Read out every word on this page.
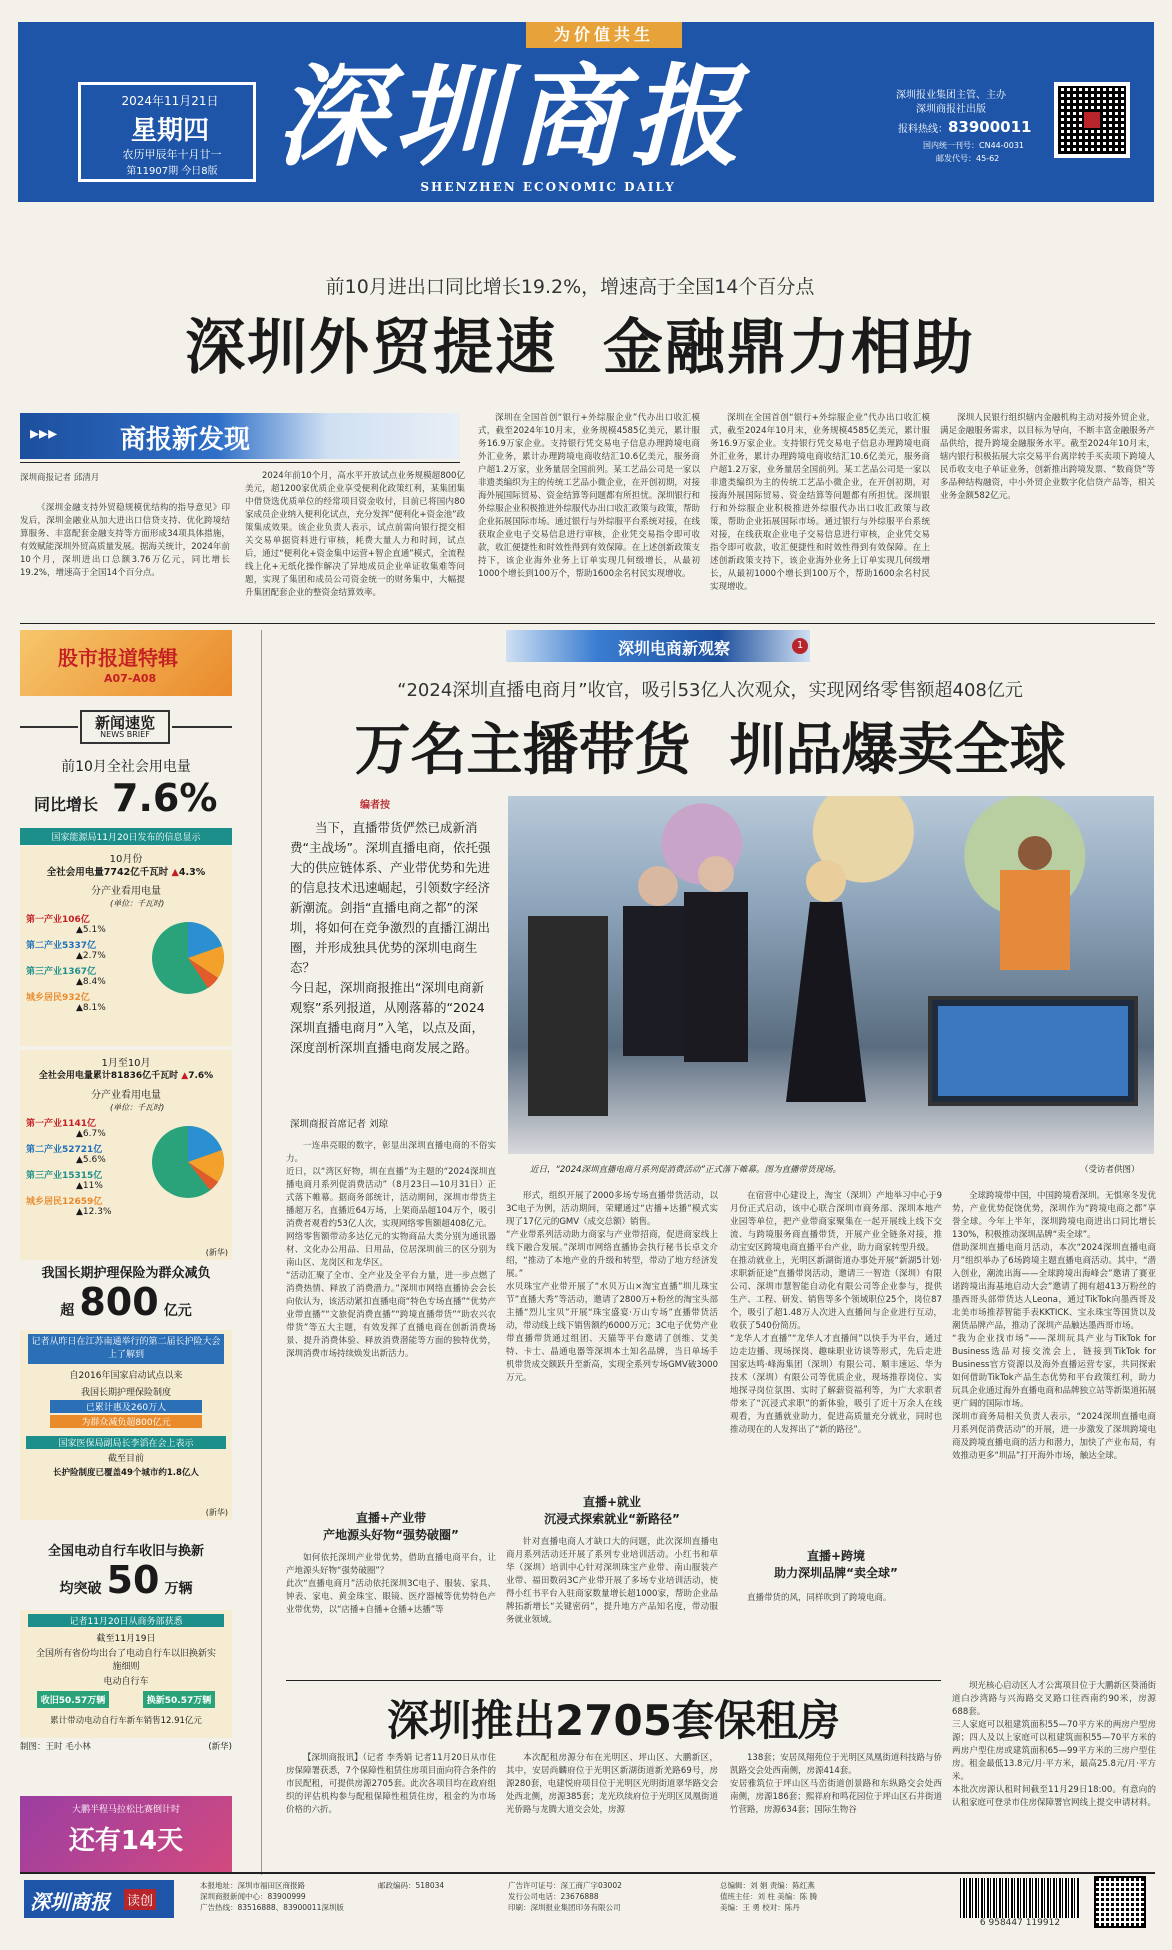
为价值共生
2024年11月21日
星期四
农历甲辰年十月廿一
第11907期 今日8版 深圳商报
SHENZHEN ECONOMIC DAILY
深圳报业集团主管、主办
深圳商报社出版
报料热线：83900011
国内统一刊号：CN44-0031
邮发代号：45-62
前10月进出口同比增长19.2%，增速高于全国14个百分点
深圳外贸提速  金融鼎力相助
▸▸▸ 商报新发现
深圳商报记者 邱清月
《深圳金融支持外贸稳规模优结构的指导意见》印发后，深圳金融业从加大进出口信贷支持、优化跨境结算服务、丰富配套金融支持等方面形成34项具体措施，有效赋能深圳外贸高质量发展。据海关统计，2024年前10个月，深圳进出口总额3.76万亿元，同比增长19.2%，增速高于全国14个百分点。
2024年前10个月，高水平开放试点业务规模超800亿美元，超1200家优质企业享受便利化政策红利，某集团集中借贷选优质单位的经常项目资金收付，目前已将国内80家成员企业纳入便利化试点，充分发挥“便利化+资金池”政策集成效果。该企业负责人表示，试点前需向银行提交相关交易单据资料进行审核，耗费大量人力和时间，试点后，通过“便利化+资金集中运营+智企直通”模式，全流程线上化+无纸化操作解决了异地成员企业单证收集难等问题，实现了集团和成员公司资金统一的财务集中，大幅提升集团配套企业的整资金结算效率。
深圳在全国首创“银行+外综服企业”代办出口收汇模式，截至2024年10月末，业务规模4585亿美元，累计服务16.9万家企业。支持银行凭交易电子信息办理跨境电商外汇业务，累计办理跨境电商收结汇10.6亿美元，服务商户超1.2万家，业务量居全国前列。某工艺品公司是一家以非遗类编织为主的传统工艺品小微企业，在开创初期，对接海外展国际贸易、资金结算等问题都有所担忧。深圳银行和外综服企业积极推进外综服代办出口收汇政策与政策，帮助企业拓展国际市场。通过银行与外综服平台系统对接，在线获取企业电子交易信息进行审核，企业凭交易指令即可收款，收汇便捷性和时效性得到有效保障。在上述创新政策支持下，该企业海外业务上订单实现几何级增长，从最初1000个增长到100万个，帮助1600余名村民实现增收。
深圳在全国首创“银行+外综服企业”代办出口收汇模式，截至2024年10月末，业务规模4585亿美元，累计服务16.9万家企业。支持银行凭交易电子信息办理跨境电商外汇业务，累计办理跨境电商收结汇10.6亿美元，服务商户超1.2万家，业务量居全国前列。某工艺品公司是一家以非遗类编织为主的传统工艺品小微企业，在开创初期，对接海外展国际贸易、资金结算等问题都有所担忧。深圳银行和外综服企业积极推进外综服代办出口收汇政策与政策，帮助企业拓展国际市场。通过银行与外综服平台系统对接，在线获取企业电子交易信息进行审核，企业凭交易指令即可收款，收汇便捷性和时效性得到有效保障。在上述创新政策支持下，该企业海外业务上订单实现几何级增长，从最初1000个增长到100万个，帮助1600余名村民实现增收。
深圳人民银行组织辖内金融机构主动对接外贸企业，满足金融服务需求，以目标为导向，不断丰富金融服务产品供给，提升跨境金融服务水平。截至2024年10月末，辖内银行积极拓展大宗交易平台离岸转手买卖项下跨境人民币收支电子单证业务，创新推出跨境发票、“数商贷”等多品种结构融资，中小外贸企业数字化信贷产品等，相关业务金额582亿元。
股市报道特辑
A07-A08
新闻速览
NEWS BRIEF
前10月全社会用电量
同比增长 7.6%
国家能源局11月20日发布的信息显示
10月份
全社会用电量7742亿千瓦时 ▲4.3%
分产业看用电量
(单位：千瓦时)
第一产业106亿
▲5.1%
第二产业5337亿
▲2.7%
第三产业1367亿
▲8.4%
城乡居民932亿
▲8.1%
1月至10月
全社会用电量累计81836亿千瓦时 ▲7.6%
分产业看用电量
(单位：千瓦时)
第一产业1141亿
▲6.7%
第二产业52721亿
▲5.6%
第三产业15315亿
▲11%
城乡居民12659亿
▲12.3%
(新华)
我国长期护理保险为群众减负
超 800 亿元
记者从昨日在江苏南通举行的第二届长护险大会上了解到
自2016年国家启动试点以来
我国长期护理保险制度
已累计惠及260万人
为群众减负超800亿元
国家医保局副局长李滔在会上表示
截至目前
长护险制度已覆盖49个城市约1.8亿人
(新华)
全国电动自行车收旧与换新
均突破 50 万辆
记者11月20日从商务部获悉
截至11月19日
全国所有省份均出台了电动自行车以旧换新实施细则
电动自行车
收旧50.57万辆	换新50.57万辆
累计带动电动自行车新车销售12.91亿元
制图：王时 毛小林	(新华)
大鹏半程马拉松比赛倒计时
还有14天
深圳电商新观察	1
“2024深圳直播电商月”收官，吸引53亿人次观众，实现网络零售额超408亿元
万名主播带货  圳品爆卖全球
编者按
当下，直播带货俨然已成新消费“主战场”。深圳直播电商，依托强大的供应链体系、产业带优势和先进的信息技术迅速崛起，引领数字经济新潮流。剑指“直播电商之都”的深圳，将如何在竞争激烈的直播江湖出圈，并形成独具优势的深圳电商生态？
今日起，深圳商报推出“深圳电商新观察”系列报道，从刚落幕的“2024深圳直播电商月”入笔，以点及面，深度剖析深圳直播电商发展之路。
深圳商报首席记者 刘琼
近日，“2024深圳直播电商月系列促消费活动”正式落下帷幕。图为直播带货现场。	（受访者供图）
一连串亮眼的数字，彰显出深圳直播电商的不俗实力。
近日，以“湾区好物，圳在直播”为主题的“2024深圳直播电商月系列促消费活动”（8月23日—10月31日）正式落下帷幕。据商务部统计，活动期间，深圳市带货主播超万名，直播近64万场，上架商品超104万个，吸引消费者观看约53亿人次，实现网络零售额超408亿元。
网络零售额带动多达亿元的实物商品大类分别为通讯器材、文化办公用品、日用品，位居深圳前三的区分别为南山区、龙岗区和龙华区。
“活动汇聚了全市、全产业及全平台力量，进一步点燃了消费热情、释放了消费潜力。”深圳市网络直播协会会长向依认为，该活动紧扣直播电商“特色专场直播”“优势产业带直播”“文旅促消费直播”“跨境直播带货”“助农兴农带货”等五大主题，有效发挥了直播电商在创新消费场景、提升消费体验、释放消费潜能等方面的独特优势，深圳消费市场持续焕发出新活力。
直播+产业带
产地源头好物“强势破圈”
如何依托深圳产业带优势，借助直播电商平台，让产地源头好物“强势破圈”？
此次“直播电商月”活动依托深圳3C电子、服装、家具、钟表、家电、黄金珠宝、眼镜、医疗器械等优势特色产业带优势，以“店播+自播+仓播+达播”等
形式，组织开展了2000多场专场直播带货活动，以3C电子为例，活动期间，荣耀通过“店播+达播”模式实现了17亿元的GMV（成交总额）销售。
“产业带系列活动助力商家与产业带招商，促进商家线上线下融合发展。”深圳市网络直播协会执行秘书长卓文介绍，“推动了本地产业的升级和转型，带动了地方经济发展。”
水贝珠宝产业带开展了“水贝万山×淘宝直播”圳儿珠宝节”直播大秀”等活动，邀请了2800万+粉丝的淘宝头部主播“烈儿宝贝”开展“珠宝盛宴·万山专场”直播带货活动，带动线上线下销售额约6000万元；3C电子优势产业带直播带货通过组团、天猫等平台邀请了创维、艾美特、卡士、晶通电器等深圳本土知名品牌，当日单场手机带货成交额跃升至新高，实现全系列专场GMV破3000万元。
直播+就业
沉浸式探索就业“新路径”
针对直播电商人才缺口大的问题，此次深圳直播电商月系列活动还开展了系列专业培训活动。小红书和草华（深圳）培训中心针对深圳珠宝产业带、南山服装产业带、福田数码3C产业带开展了多场专业培训活动，使得小红书平台入驻商家数量增长超1000家，帮助企业品牌拓新增长“关键密码”，提升地方产品知名度，带动服务就业领域。
在宿营中心建设上，淘宝（深圳）产地举习中心于9月份正式启动，该中心联合深圳市商务部、深圳本地产业园等单位，把产业带商家聚集在一起开展线上线下交流、与跨境服务商直播带货，开展产业全链条对接，推动宝安区跨境电商直播平台产业，助力商家转型升级。
在推动就业上，光明区新湖街道办事处开展“新湖5计划·求职新征途”直播带岗活动，邀请三一智造（深圳）有限公司、深圳市慧智能自动化有限公司等企业参与，提供生产、工程、研发、销售等多个领域职位25个，岗位87个，吸引了超1.48万人次进入直播间与企业进行互动，收获了540份简历。
“龙华人才直播”“龙华人才直播间”以快手为平台，通过边走边播、现场探岗、趣味职业访谈等形式，先后走进国家达鸣·峰海集团（深圳）有限公司、顺丰速运、华为技术（深圳）有限公司等优质企业，现场推荐岗位、实地探寻岗位氛围、实时了解薪资福利等，为广大求职者带来了“沉浸式求职”的新体验，吸引了近十万余人在线观看，为直播就业助力，促进高质量充分就业，同时也推动现在的人发挥出了“新的路径”。
直播+跨境
助力深圳品牌“卖全球”
直播带货的风，同样吹到了跨境电商。
全球跨境带中国，中国跨境看深圳。无惧寒冬发优势，产业优势促饶优势，深圳作为“跨境电商之都”享誉全球。今年上半年，深圳跨境电商进出口同比增长130%，积极推动深圳品牌“卖全球”。
借助深圳直播电商月活动，本次“2024深圳直播电商月”组织举办了6场跨境主题直播电商活动。其中，“潜入创业，潮流出海——全球跨境出海峰会”邀请了赛亚诺跨境出海基地启动大会”邀请了拥有超413万粉丝的墨西哥头部带货达人Leona，通过TikTok向墨西哥及北美市场推荐智能手表KKTICK、宝永珠宝等国货以及潮货品牌产品，推动了深圳产品触达墨西哥市场。
“我为企业找市场”——深圳玩具产业与TikTok for Business选品对接交流会上，链接到TikTok for Business官方资源以及海外直播运营专家，共同探索如何借助TikTok产品生态优势和平台政策红利，助力玩具企业通过海外直播电商和品牌独立站等新渠道拓展更广阔的国际市场。
深圳市商务局相关负责人表示，“2024深圳直播电商月系列促消费活动”的开展，进一步激发了深圳跨境电商及跨境直播电商的活力和潜力，加快了产业布局，有效推动更多“圳品”打开海外市场，触达全球。
深圳推出2705套保租房
【深圳商报讯】（记者 李秀娟 记者11月20日从市住房保障署获悉，7个保障性租赁住房项目面向符合条件的市民配租，可提供房源2705套。此次各项目均在政府组织的评估机构参与配租保障性租赁住房，租金约为市场价格的六折。
本次配租房源分布在光明区、坪山区、大鹏新区，其中，安居尚麟府位于光明区新湖街道新羌路69号，房源280套，电建悦府项目位于光明区光明街道翠华路交会处西北侧，房源385套；龙光玖续府位于光明区凤凰街道光侨路与龙腾大道交会处，房源
138套；安居凤翔苑位于光明区凤凰街道科技路与侨凯路交会处西南侧，房源414套。
安居雅筑位于坪山区马峦街道创景路和东纵路交会处西南侧，房源186套；熙祥府和鸣花园位于坪山区石井街道竹营路，房源634套；国际生物谷
坝光核心启动区人才公寓项目位于大鹏新区葵涌街道白沙湾路与兴海路交叉路口往西南约90米，房源688套。
三人家庭可以租建筑面积55—70平方米的两房户型房源；四人及以上家庭可以租建筑面积55—70平方米的两房户型住房或建筑面积65—99平方米的三房户型住房。租金最低13.8元/月·平方米，最高25.8元/月·平方米。
本批次房源认租时间截至11月29日18:00。有意向的认租家庭可登录市住房保障署官网线上提交申请材料。
深圳商报 读创
本报地址：深圳市福田区商报路
深圳商报新闻中心：83900999
广告热线：83516888、83900011深圳版
邮政编码：518034	广告许可证号：深工商广字03002
发行公司电话：23676888
印刷：深圳报业集团印务有限公司
总编辑：刘 娟 责编：陈红燕
值班主任：刘 柱 美编：陈 腾
美编：王 勇 校对：陈丹
6 958447 119912
